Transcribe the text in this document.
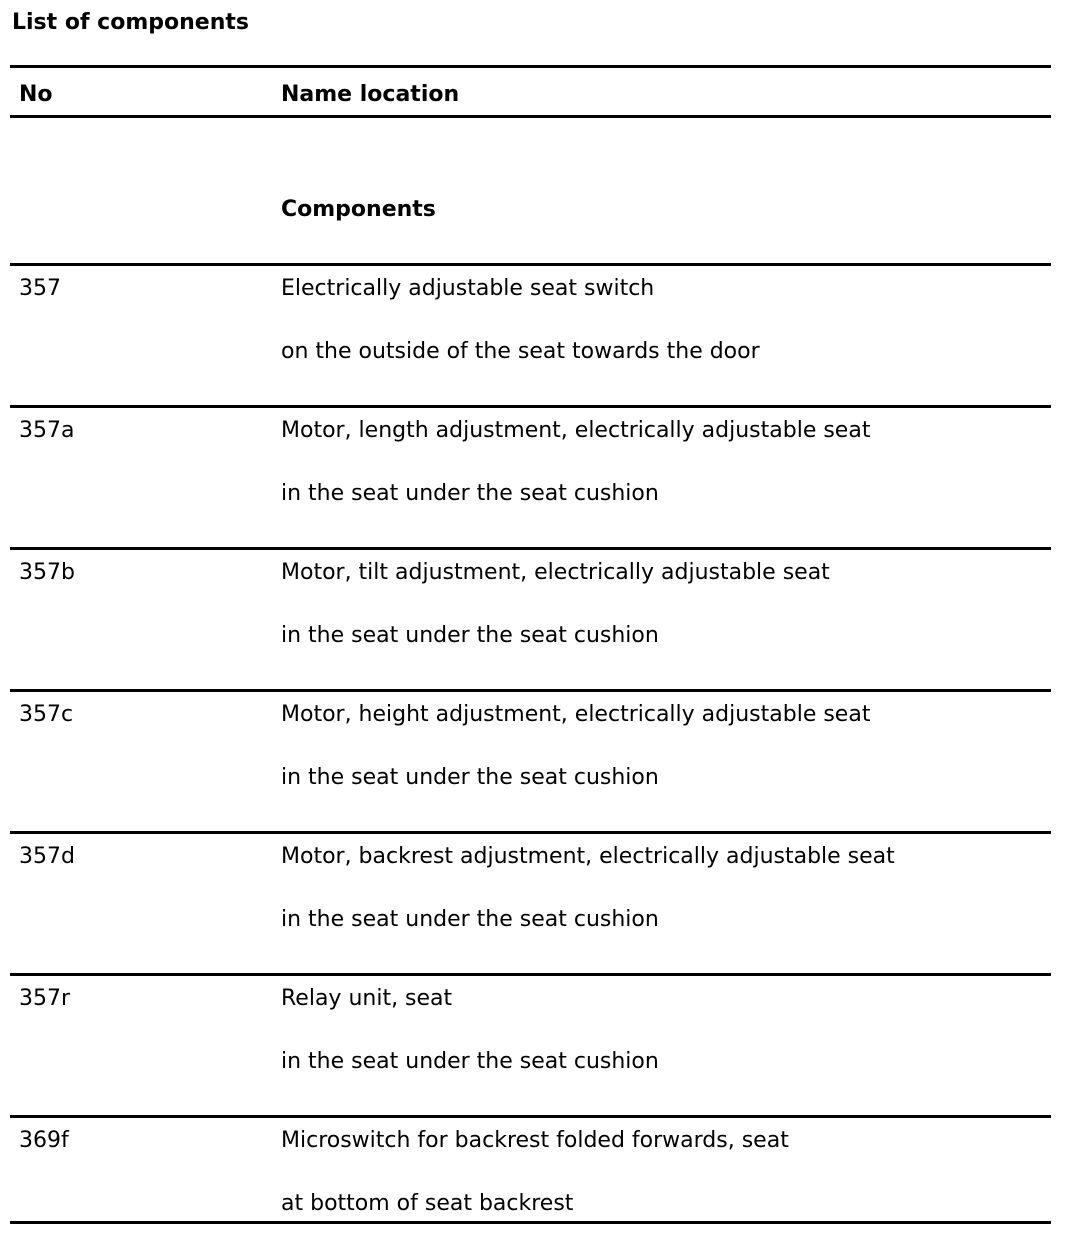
List of components
No	Name location
Components
357	Electrically adjustable seat switch
on the outside of the seat towards the door
357a	Motor, length adjustment, electrically adjustable seat
in the seat under the seat cushion
357b	Motor, tilt adjustment, electrically adjustable seat
in the seat under the seat cushion
357c	Motor, height adjustment, electrically adjustable seat
in the seat under the seat cushion
357d	Motor, backrest adjustment, electrically adjustable seat
in the seat under the seat cushion
357r	Relay unit, seat
in the seat under the seat cushion
369f	Microswitch for backrest folded forwards, seat
at bottom of seat backrest
